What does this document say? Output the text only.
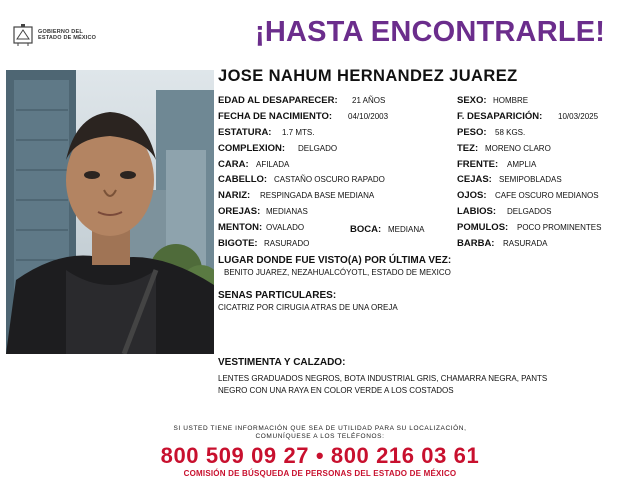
GOBIERNO DEL
ESTADO DE MÉXICO	¡HASTA ENCONTRARLE!
JOSE NAHUM HERNANDEZ JUAREZ
EDAD AL DESAPARECER: 21 AÑOS
FECHA DE NACIMIENTO: 04/10/2003
ESTATURA: 1.7 MTS.
COMPLEXION: DELGADO
CARA: AFILADA
CABELLO: CASTAÑO OSCURO RAPADO
NARIZ: RESPINGADA BASE MEDIANA
OREJAS: MEDIANAS
MENTON: OVALADO	BOCA: MEDIANA
BIGOTE: RASURADO
SEXO: HOMBRE
F. DESAPARICIÓN: 10/03/2025
PESO: 58 KGS.
TEZ: MORENO CLARO
FRENTE: AMPLIA
CEJAS: SEMIPOBLADAS
OJOS: CAFE OSCURO MEDIANOS
LABIOS: DELGADOS
POMULOS: POCO PROMINENTES
BARBA: RASURADA
LUGAR DONDE FUE VISTO(A) POR ÚLTIMA VEZ:
BENITO JUAREZ, NEZAHUALCÓYOTL, ESTADO DE MEXICO
SENAS PARTICULARES:
CICATRIZ POR CIRUGIA ATRAS DE UNA OREJA
VESTIMENTA Y CALZADO:
LENTES GRADUADOS NEGROS, BOTA INDUSTRIAL GRIS, CHAMARRA NEGRA, PANTS
NEGRO CON UNA RAYA EN COLOR VERDE A LOS COSTADOS
SI USTED TIENE INFORMACIÓN QUE SEA DE UTILIDAD PARA SU LOCALIZACIÓN,
COMUNÍQUESE A LOS TELÉFONOS:
800 509 09 27 • 800 216 03 61
COMISIÓN DE BÚSQUEDA DE PERSONAS DEL ESTADO DE MÉXICO
